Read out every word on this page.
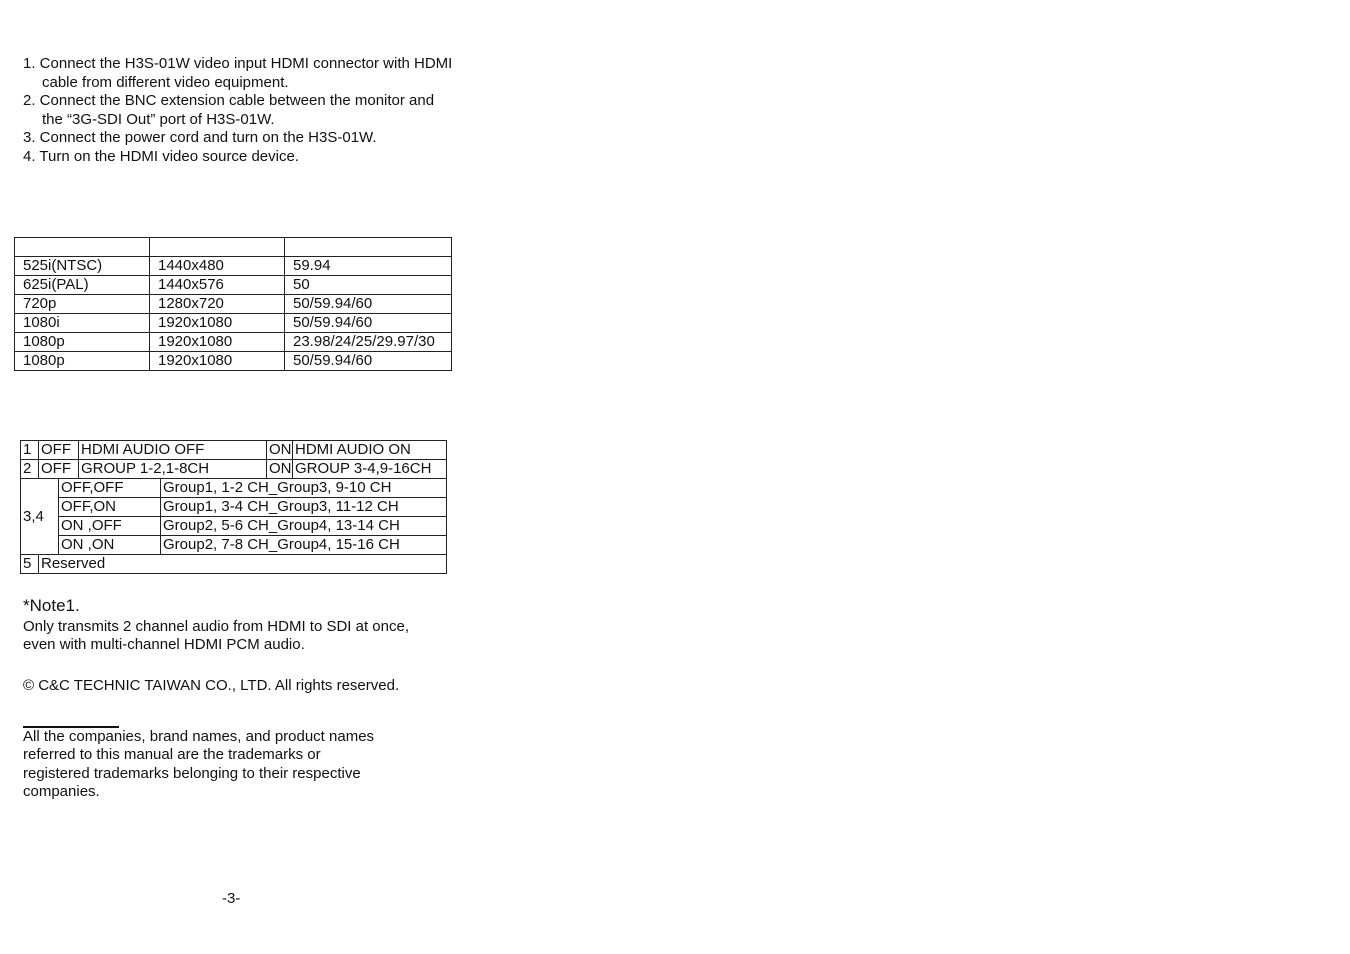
1. Connect the H3S-01W video input HDMI connector with HDMI cable from different video equipment.
2. Connect the BNC extension cable between the monitor and the “3G-SDI Out” port of H3S-01W.
3. Connect the power cord and turn on the H3S-01W.
4. Turn on the HDMI video source device.

525i(NTSC)	1440x480	59.94
625i(PAL)	1440x576	50
720p	1280x720	50/59.94/60
1080i	1920x1080	50/59.94/60
1080p	1920x1080	23.98/24/25/29.97/30
1080p	1920x1080	50/59.94/60
1	OFF		HDMI AUDIO OFF		ON	HDMI AUDIO ON
2	OFF		GROUP 1-2,1-8CH		ON	GROUP 3-4,9-16CH
3,4		OFF,OFF		Group1, 1-2 CH_Group3, 9-10 CH		
		OFF,ON		Group1, 3-4 CH_Group3, 11-12 CH		
		ON ,OFF		Group2, 5-6 CH_Group4, 13-14 CH		
		ON ,ON		Group2, 7-8 CH_Group4, 15-16 CH		
5	Reserved					
*Note1.
Only transmits 2 channel audio from HDMI to SDI at once,
even with multi-channel HDMI PCM audio.
© C&C TECHNIC TAIWAN CO., LTD. All rights reserved.
All the companies, brand names, and product names
referred to this manual are the trademarks or
registered trademarks belonging to their respective
companies.
-3-
